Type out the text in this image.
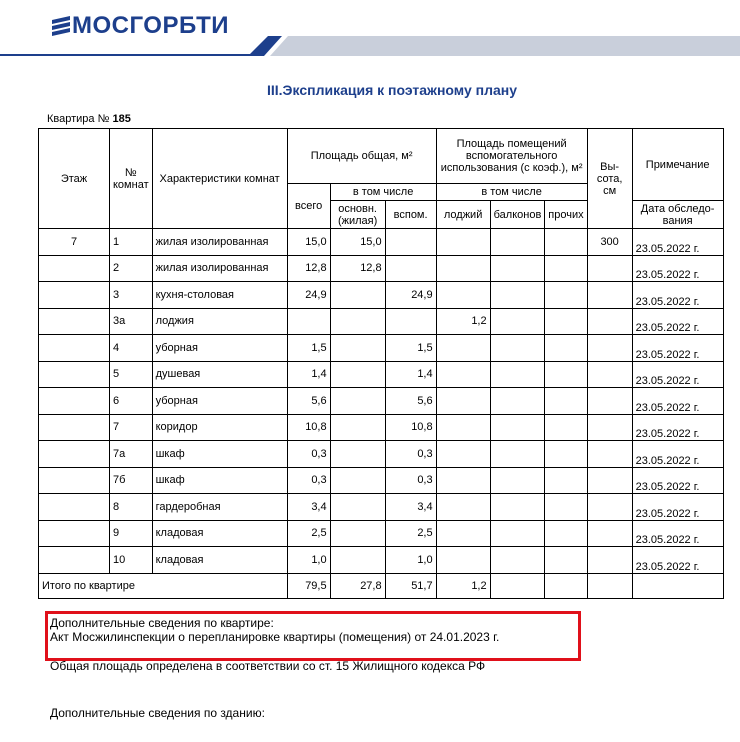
МОСГОРБТИ
III.Экспликация к поэтажному плану
Квартира № 185
Этаж	№ комнат	Характеристики комнат	Площадь общая, м²			Площадь помещений вспомогательного использования (с коэф.), м²			Вы-сота, см	Примечание
			всего	в том числе		в том числе				
				основн. (жилая)	вспом.	лоджий	балконов	прочих		Дата обследо-вания
7	1	жилая изолированная	15,0	15,0					300	23.05.2022 г.
	2	жилая изолированная	12,8	12,8						23.05.2022 г.
	3	кухня-столовая	24,9		24,9					23.05.2022 г.
	3а	лоджия				1,2				23.05.2022 г.
	4	уборная	1,5		1,5					23.05.2022 г.
	5	душевая	1,4		1,4					23.05.2022 г.
	6	уборная	5,6		5,6					23.05.2022 г.
	7	коридор	10,8		10,8					23.05.2022 г.
	7а	шкаф	0,3		0,3					23.05.2022 г.
	7б	шкаф	0,3		0,3					23.05.2022 г.
	8	гардеробная	3,4		3,4					23.05.2022 г.
	9	кладовая	2,5		2,5					23.05.2022 г.
	10	кладовая	1,0		1,0					23.05.2022 г.
Итого по квартире			79,5	27,8	51,7	1,2				
Дополнительные сведения по квартире:
Акт Мосжилинспекции о перепланировке квартиры (помещения) от 24.01.2023 г.
Общая площадь определена в соответствии со ст. 15 Жилищного кодекса РФ
Дополнительные сведения по зданию:
